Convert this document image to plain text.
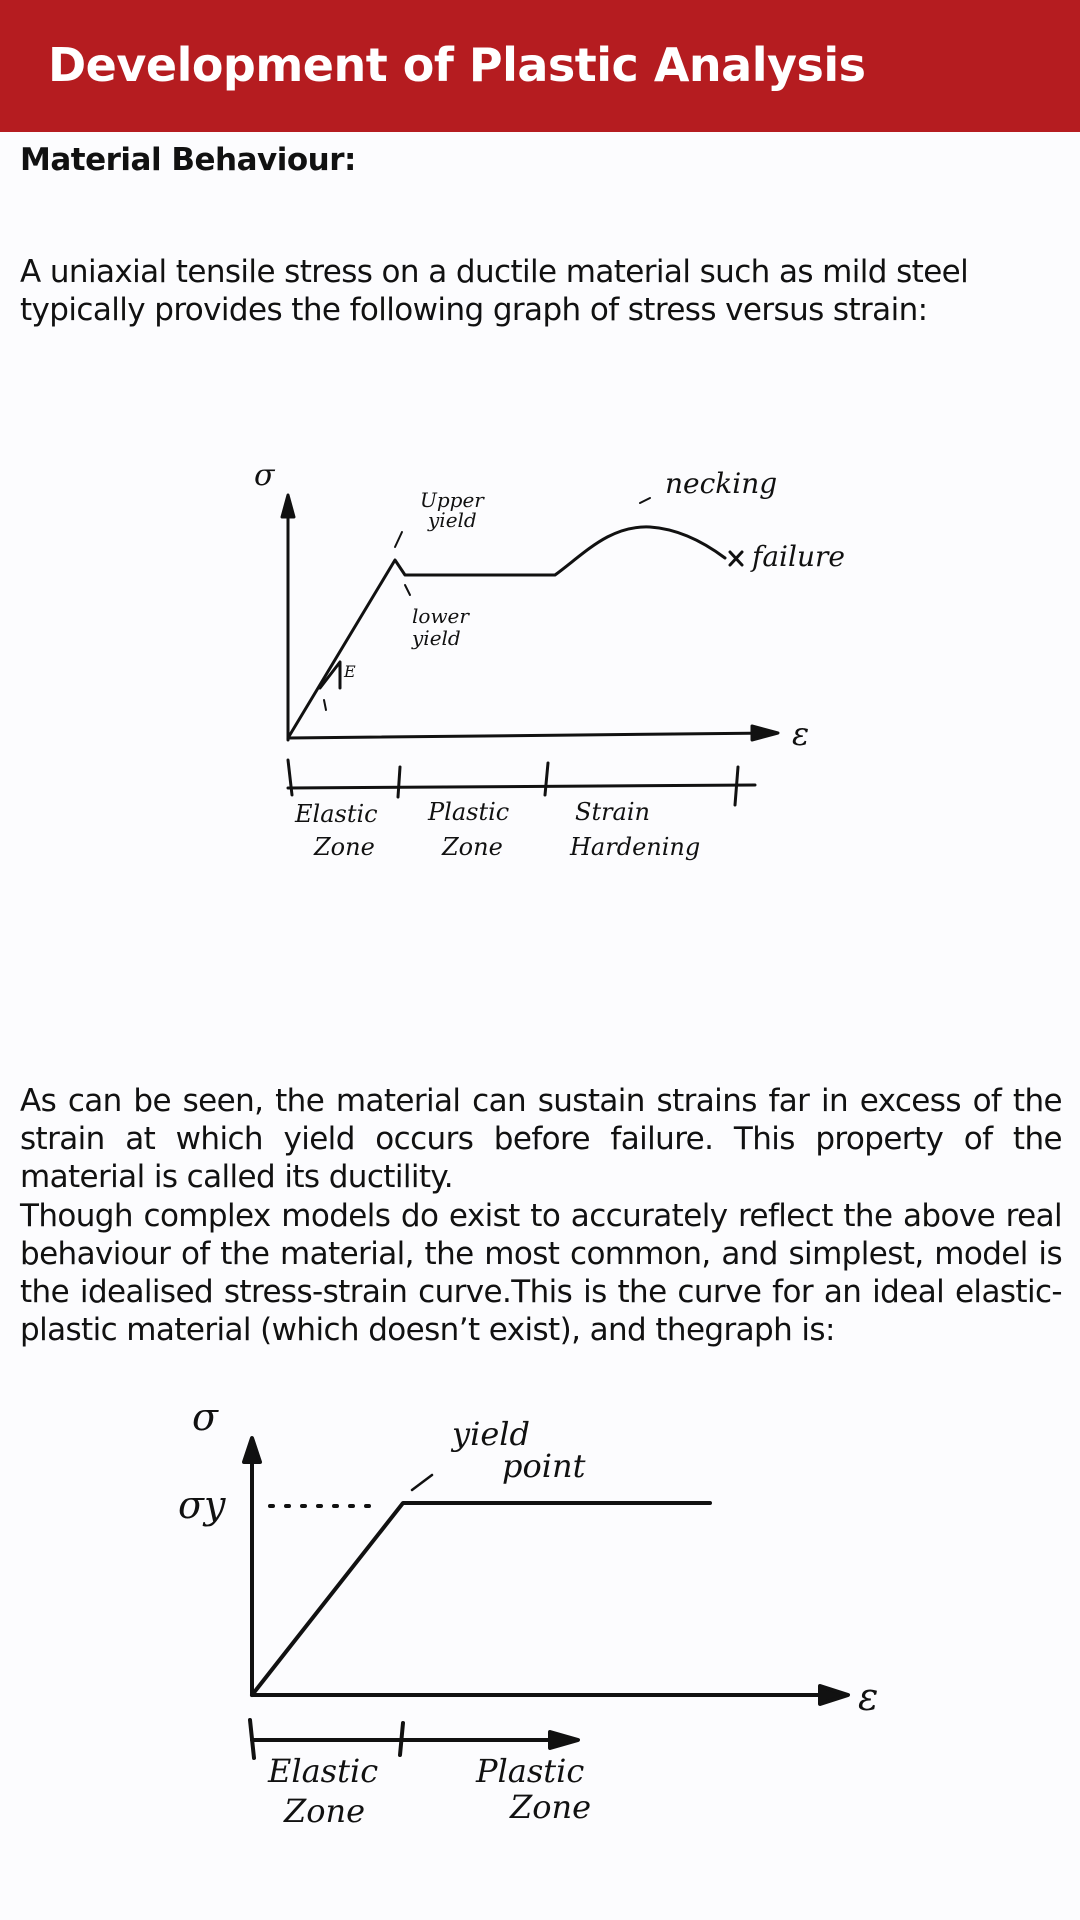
Development of Plastic Analysis
Material Behaviour:
A uniaxial tensile stress on a ductile material such as mild steel typically provides the following graph of stress versus strain:
E
σ
ε
Upper
yield
lower
yield
necking
failure
Elastic
Zone
Plastic
Zone
Strain
Hardening
As can be seen, the material can sustain strains far in excess of the strain at which yield occurs before failure. This property of the material is called its ductility.
Though complex models do exist to accurately reflect the above real behaviour of the material, the most common, and simplest, model is the idealised stress-strain curve.This is the curve for an ideal elastic-plastic material (which doesn’t exist), and thegraph is:
σ
σy
ε
yield
point
Elastic
Zone
Plastic
Zone
